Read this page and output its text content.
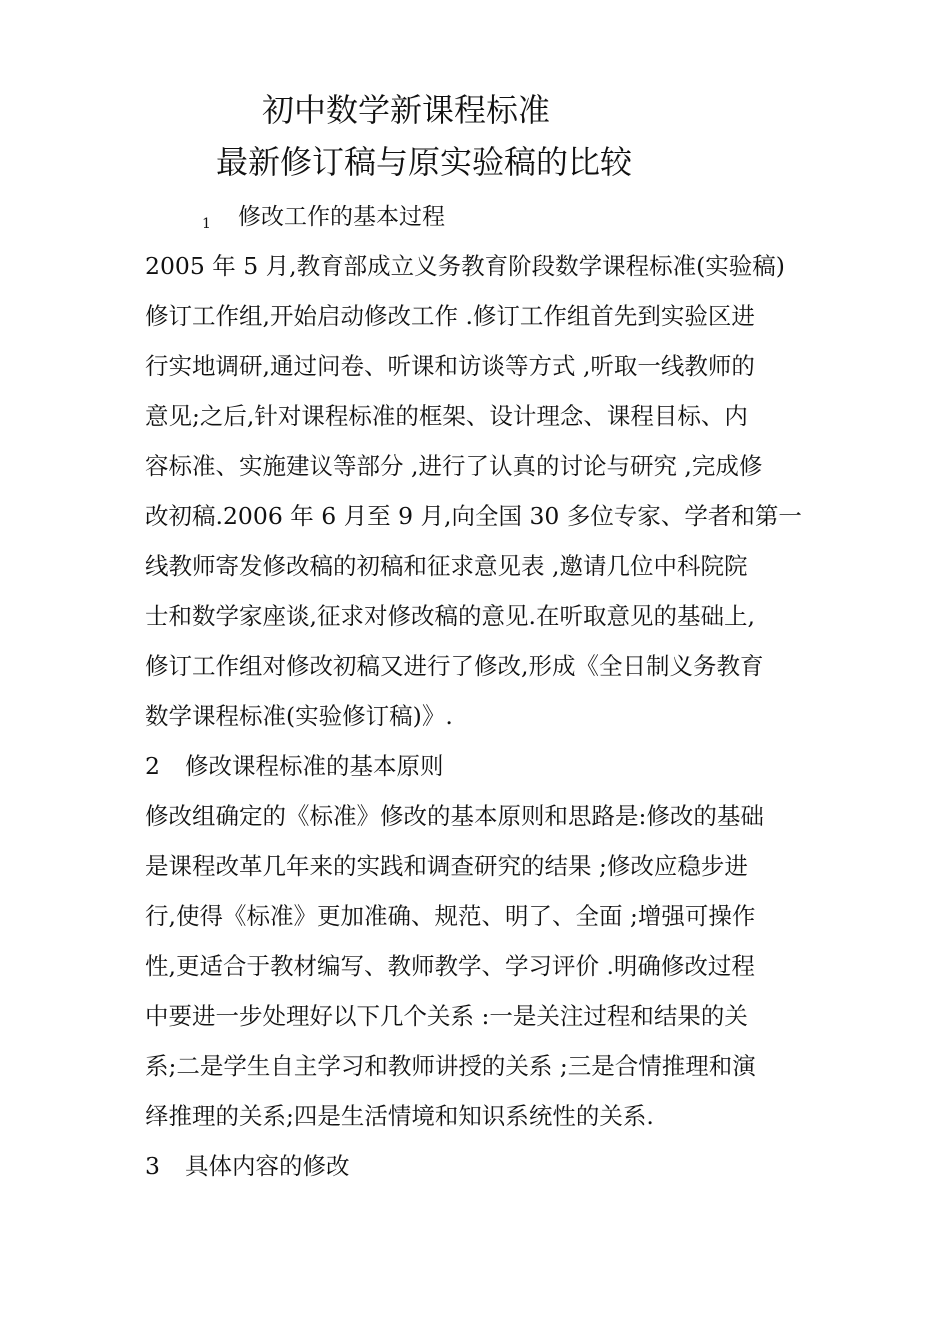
初中数学新课程标准
最新修订稿与原实验稿的比较
1 修改工作的基本过程
2005 年 5 月,教育部成立义务教育阶段数学课程标准(实验稿)
修订工作组,开始启动修改工作 .修订工作组首先到实验区进
行实地调研,通过问卷、听课和访谈等方式 ,听取一线教师的
意见;之后,针对课程标准的框架、设计理念、课程目标、内
容标准、实施建议等部分 ,进行了认真的讨论与研究 ,完成修
改初稿.2006 年 6 月至 9 月,向全国 30 多位专家、学者和第一
线教师寄发修改稿的初稿和征求意见表 ,邀请几位中科院院
士和数学家座谈,征求对修改稿的意见.在听取意见的基础上,
修订工作组对修改初稿又进行了修改,形成《全日制义务教育
数学课程标准(实验修订稿)》.
2 修改课程标准的基本原则
修改组确定的《标准》修改的基本原则和思路是:修改的基础
是课程改革几年来的实践和调查研究的结果 ;修改应稳步进
行,使得《标准》更加准确、规范、明了、全面 ;增强可操作
性,更适合于教材编写、教师教学、学习评价 .明确修改过程
中要进一步处理好以下几个关系 :一是关注过程和结果的关
系;二是学生自主学习和教师讲授的关系 ;三是合情推理和演
绎推理的关系;四是生活情境和知识系统性的关系.
3 具体内容的修改
